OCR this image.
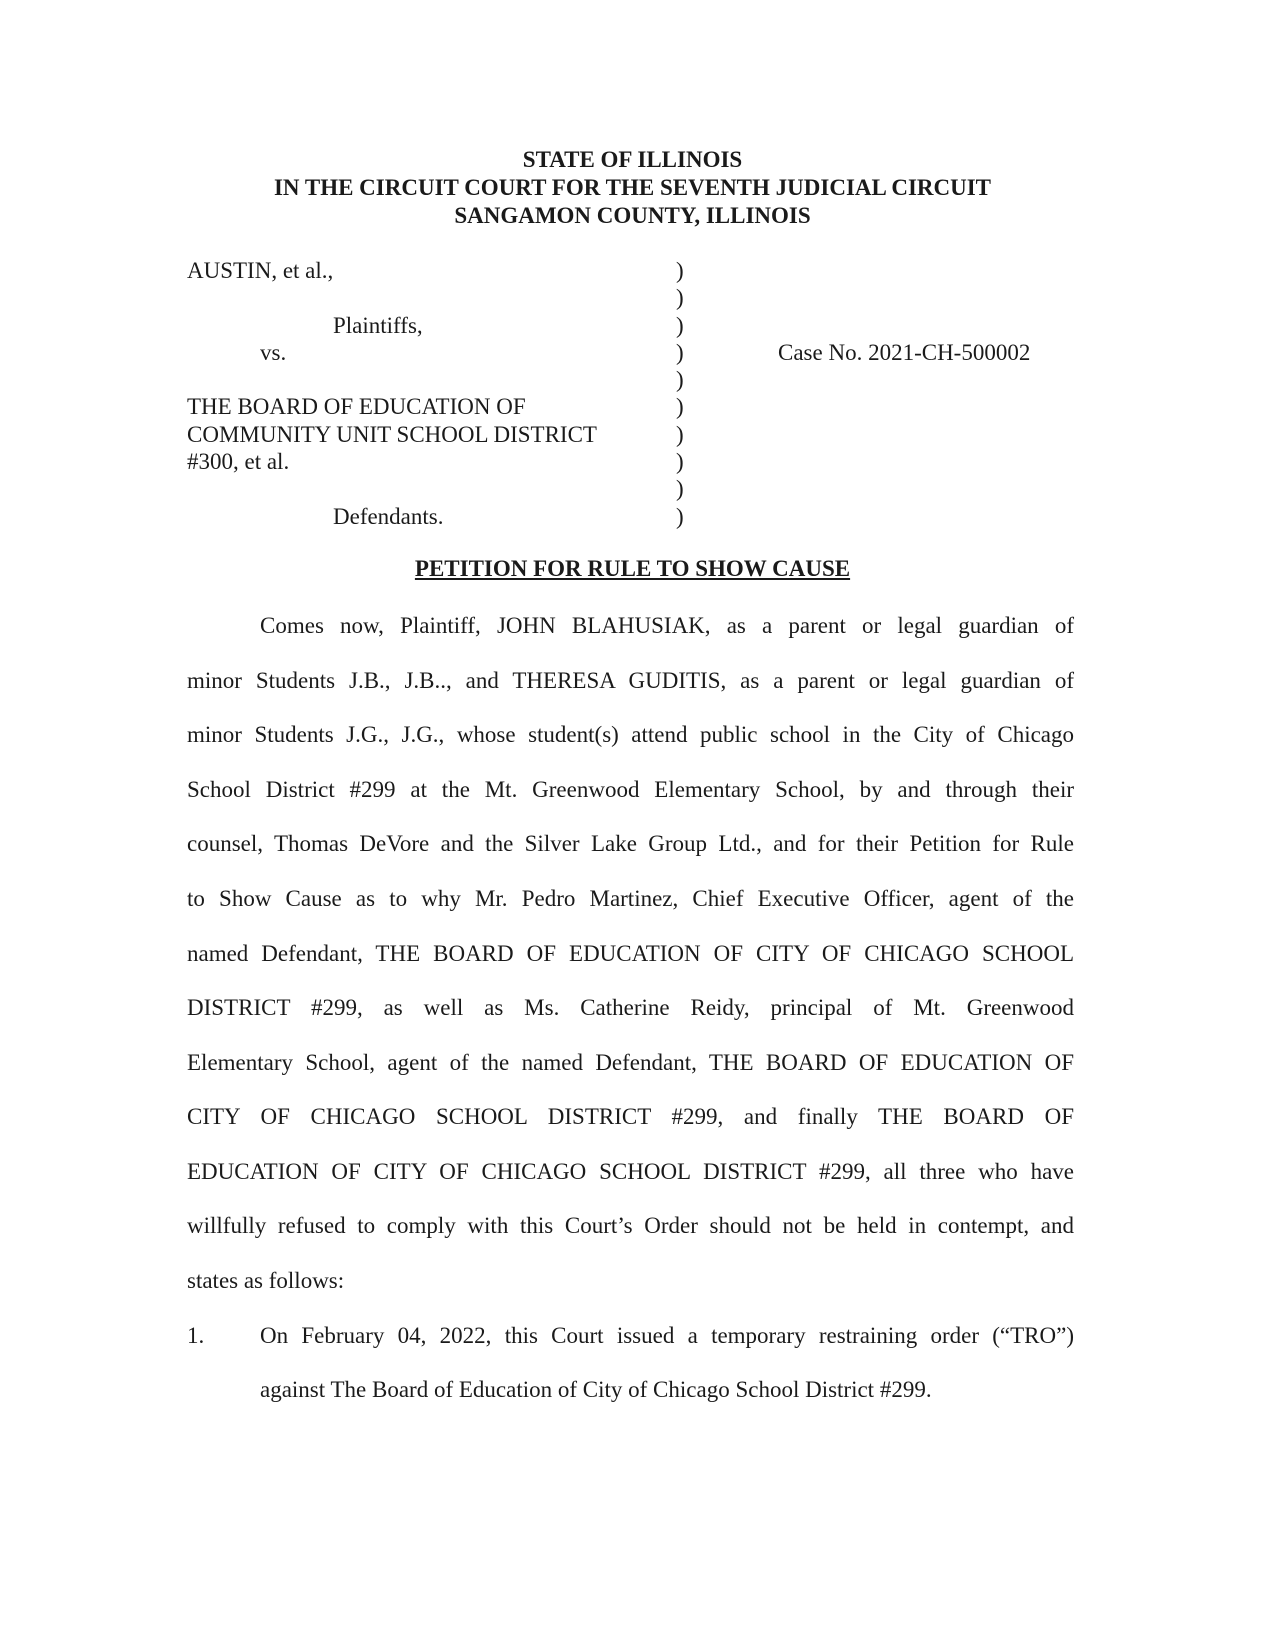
STATE OF ILLINOIS
IN THE CIRCUIT COURT FOR THE SEVENTH JUDICIAL CIRCUIT
SANGAMON COUNTY, ILLINOIS
AUSTIN, et al.,
Plaintiffs,
vs.
THE BOARD OF EDUCATION OF
COMMUNITY UNIT SCHOOL DISTRICT
#300, et al.
Defendants.
Case No. 2021-CH-500002
)
)
)
)
)
)
)
)
)
)
PETITION FOR RULE TO SHOW CAUSE
Comes now, Plaintiff, JOHN BLAHUSIAK, as a parent or legal guardian of
minor Students J.B., J.B.., and THERESA GUDITIS, as a parent or legal guardian of
minor Students J.G., J.G., whose student(s) attend public school in the City of Chicago
School District #299 at the Mt. Greenwood Elementary School, by and through their
counsel, Thomas DeVore and the Silver Lake Group Ltd., and for their Petition for Rule
to Show Cause as to why Mr. Pedro Martinez, Chief Executive Officer, agent of the
named Defendant, THE BOARD OF EDUCATION OF CITY OF CHICAGO SCHOOL
DISTRICT #299, as well as Ms. Catherine Reidy, principal of Mt. Greenwood
Elementary School, agent of the named Defendant, THE BOARD OF EDUCATION OF
CITY OF CHICAGO SCHOOL DISTRICT #299, and finally THE BOARD OF
EDUCATION OF CITY OF CHICAGO SCHOOL DISTRICT #299, all three who have
willfully refused to comply with this Court’s Order should not be held in contempt, and
states as follows:
1. On February 04, 2022, this Court issued a temporary restraining order (“TRO”)
against The Board of Education of City of Chicago School District #299.
